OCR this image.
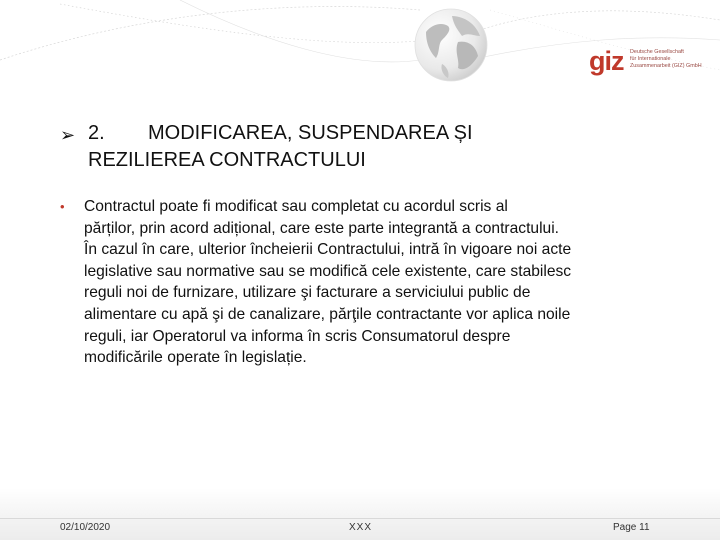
giz Deutsche Gesellschaft
für Internationale
Zusammenarbeit (GIZ) GmbH
➢ 2. MODIFICAREA, SUSPENDAREA ȘI
REZILIEREA CONTRACTULUI
• Contractul poate fi modificat sau completat cu acordul scris al
părților, prin acord adițional, care este parte integrantă a contractului.
În cazul în care, ulterior încheierii Contractului, intră în vigoare noi acte
legislative sau normative sau se modifică cele existente, care stabilesc
reguli noi de furnizare, utilizare şi facturare a serviciului public de
alimentare cu apă şi de canalizare, părţile contractante vor aplica noile
reguli, iar Operatorul va informa în scris Consumatorul despre
modificările operate în legislație.
02/10/2020	XXX	Page 11
